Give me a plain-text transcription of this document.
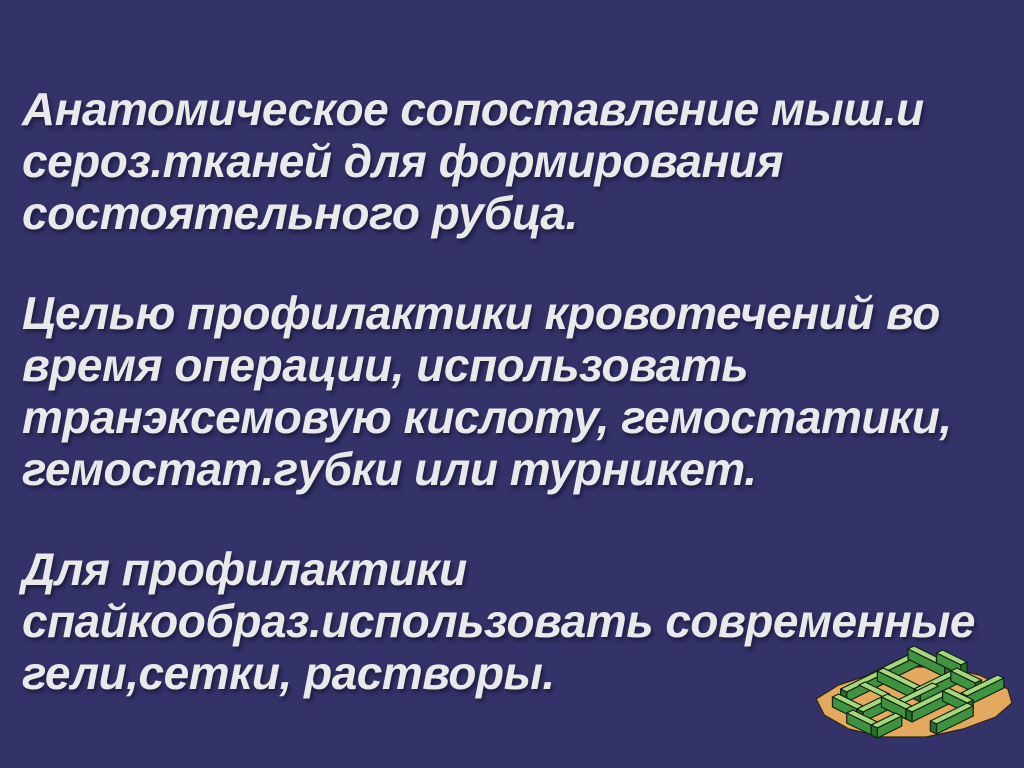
Анатомическое сопоставление мыш.и
сероз.тканей для формирования
состоятельного рубца.
Целью профилактики кровотечений во
время операции, использовать
транэксемовую кислоту, гемостатики,
гемостат.губки или турникет.
Для профилактики
спайкообраз.использовать современные
гели,сетки, растворы.
